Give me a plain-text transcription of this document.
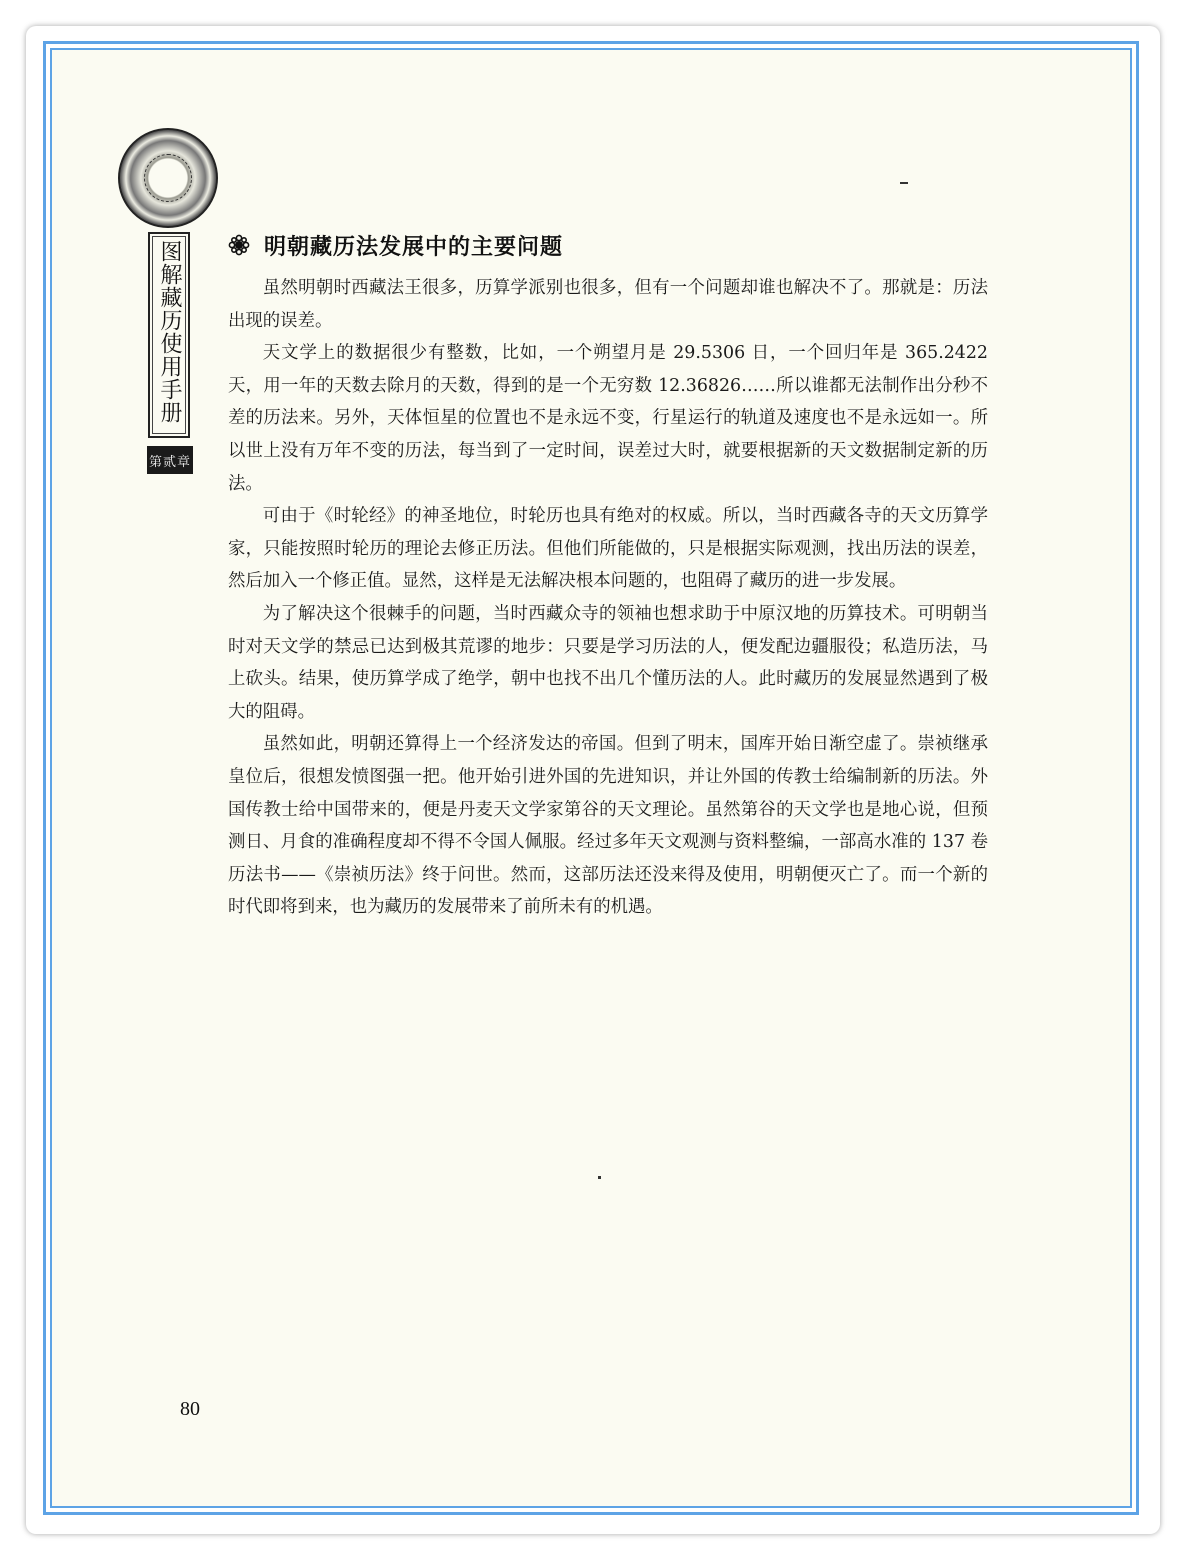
图解藏历使用手册
第贰章
明朝藏历法发展中的主要问题

虽然明朝时西藏法王很多，历算学派别也很多，但有一个问题却谁也解决不了。那就是：历法出现的误差。

天文学上的数据很少有整数，比如，一个朔望月是 29.5306 日，一个回归年是 365.2422 天，用一年的天数去除月的天数，得到的是一个无穷数 12.36826……所以谁都无法制作出分秒不差的历法来。另外，天体恒星的位置也不是永远不变，行星运行的轨道及速度也不是永远如一。所以世上没有万年不变的历法，每当到了一定时间，误差过大时，就要根据新的天文数据制定新的历法。

可由于《时轮经》的神圣地位，时轮历也具有绝对的权威。所以，当时西藏各寺的天文历算学家，只能按照时轮历的理论去修正历法。但他们所能做的，只是根据实际观测，找出历法的误差，然后加入一个修正值。显然，这样是无法解决根本问题的，也阻碍了藏历的进一步发展。

为了解决这个很棘手的问题，当时西藏众寺的领袖也想求助于中原汉地的历算技术。可明朝当时对天文学的禁忌已达到极其荒谬的地步：只要是学习历法的人，便发配边疆服役；私造历法，马上砍头。结果，使历算学成了绝学，朝中也找不出几个懂历法的人。此时藏历的发展显然遇到了极大的阻碍。

虽然如此，明朝还算得上一个经济发达的帝国。但到了明末，国库开始日渐空虚了。崇祯继承皇位后，很想发愤图强一把。他开始引进外国的先进知识，并让外国的传教士给编制新的历法。外国传教士给中国带来的，便是丹麦天文学家第谷的天文理论。虽然第谷的天文学也是地心说，但预测日、月食的准确程度却不得不令国人佩服。经过多年天文观测与资料整编，一部高水准的 137 卷历法书——《崇祯历法》终于问世。然而，这部历法还没来得及使用，明朝便灭亡了。而一个新的时代即将到来，也为藏历的发展带来了前所未有的机遇。

80
